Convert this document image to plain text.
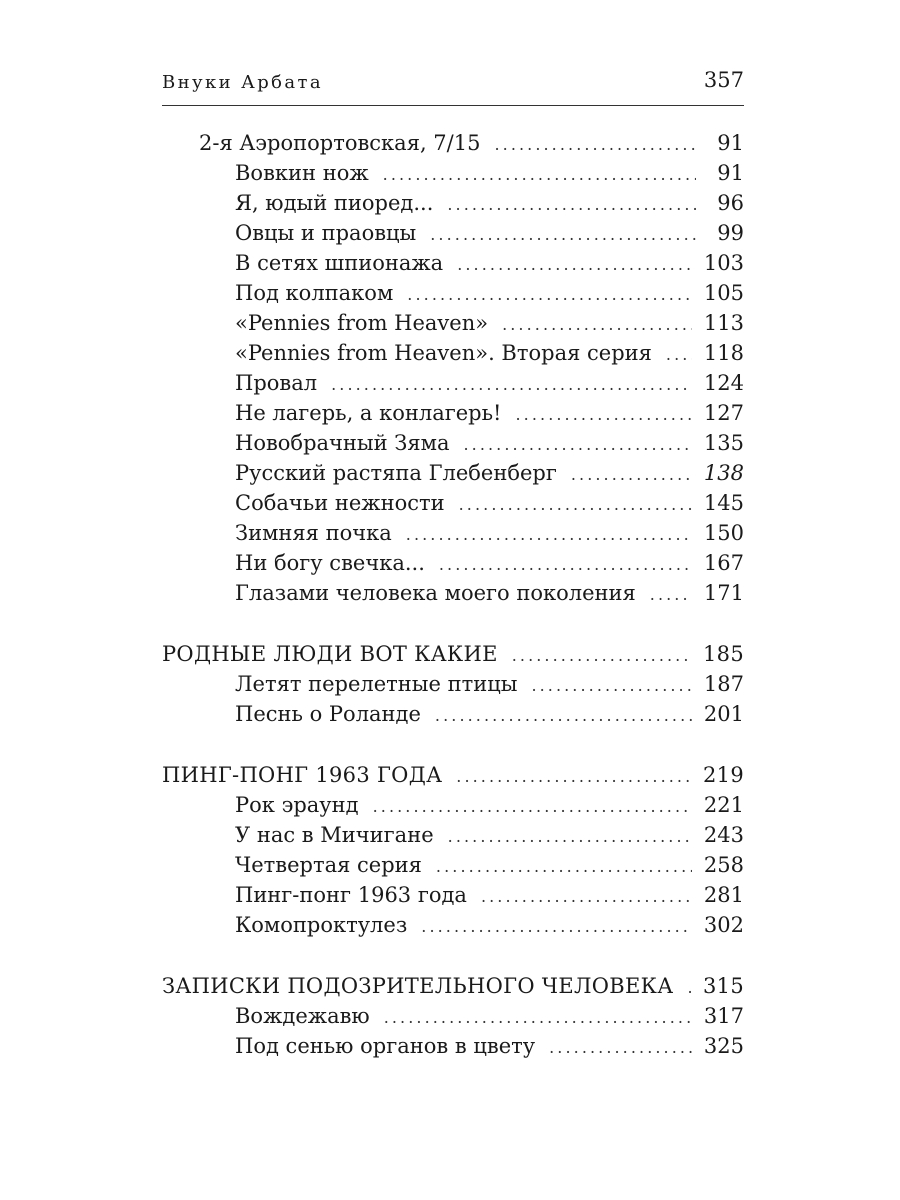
Внуки Арбата	357
2-я Аэропортовская, 7/15 . . .	91
Вовкин нож . . .	91
Я, юдый пиоред... . . .	96
Овцы и праовцы . . .	99
В сетях шпионажа . . .	103
Под колпаком . . .	105
«Pennies from Heaven» . . .	113
«Pennies from Heaven». Вторая серия . . . 118
Провал . . .	124
Не лагерь, а конлагерь! . . .	127
Новобрачный Зяма . . .	135
Русский растяпа Глебенберг . . .	138
Собачьи нежности . . .	145
Зимняя почка . . .	150
Ни богу свечка... . . .	167
Глазами человека моего поколения . . .	171
РОДНЫЕ ЛЮДИ ВОТ КАКИЕ . . .	185
Летят перелетные птицы . . .	187
Песнь о Роланде . . .	201
ПИНГ-ПОНГ 1963 ГОДА . . .	219
Рок эраунд . . .	221
У нас в Мичигане . . .	243
Четвертая серия . . .	258
Пинг-понг 1963 года . . .	281
Комопроктулез . . .	302
ЗАПИСКИ ПОДОЗРИТЕЛЬНОГО ЧЕЛОВЕКА . . . 315
Вождежавю . . .	317
Под сенью органов в цвету . . .	325
